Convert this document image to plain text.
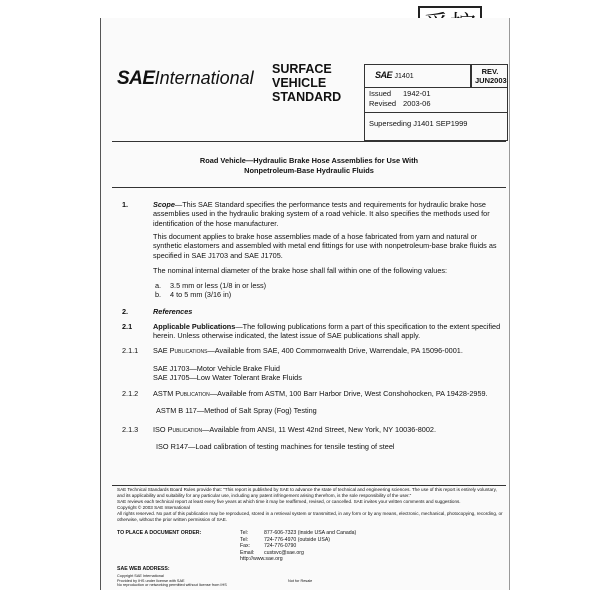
SAEInternational	SURFACE
VEHICLE
STANDARD
SAE J1401
REV.
JUN2003
Issued 1942-01
Revised 2003-06
Superseding J1401 SEP1999
Road Vehicle—Hydraulic Brake Hose Assemblies for Use With
Nonpetroleum-Base Hydraulic Fluids
1.	Scope—This SAE Standard specifies the performance tests and requirements for hydraulic brake hose assemblies used in the hydraulic braking system of a road vehicle. It also specifies the methods used for identification of the hose manufacturer.

This document applies to brake hose assemblies made of a hose fabricated from yarn and natural or synthetic elastomers and assembled with metal end fittings for use with nonpetroleum-base brake fluids as specified in SAE J1703 and SAE J1705.

The nominal internal diameter of the brake hose shall fall within one of the following values:

a. 3.5 mm or less (1/8 in or less)
b. 4 to 5 mm (3/16 in)
2.	References
2.1	Applicable Publications—The following publications form a part of this specification to the extent specified herein. Unless otherwise indicated, the latest issue of SAE publications shall apply.

2.1.1 SAE Publications—Available from SAE, 400 Commonwealth Drive, Warrendale, PA 15096-0001.

SAE J1703—Motor Vehicle Brake Fluid
SAE J1705—Low Water Tolerant Brake Fluids
2.1.2 ASTM Publication—Available from ASTM, 100 Barr Harbor Drive, West Conshohocken, PA 19428-2959.

ASTM B 117—Method of Salt Spray (Fog) Testing
2.1.3 ISO Publication—Available from ANSI, 11 West 42nd Street, New York, NY 10036-8002.

ISO R147—Load calibration of testing machines for tensile testing of steel

SAE Technical Standards Board Rules provide that: "This report is published by SAE to advance the state of technical and engineering sciences. The use of this report is entirely voluntary, and its applicability and suitability for any particular use, including any patent infringement arising therefrom, is the sole responsibility of the user."

SAE reviews each technical report at least every five years at which time it may be reaffirmed, revised, or cancelled. SAE invites your written comments and suggestions.

Copyright © 2003 SAE International

All rights reserved. No part of this publication may be reproduced, stored in a retrieval system or transmitted, in any form or by any means, electronic, mechanical, photocopying, recording, or otherwise, without the prior written permission of SAE.

TO PLACE A DOCUMENT ORDER:	Tel:	877-606-7323 (inside USA and Canada)
Tel:	724-776-4970 (outside USA)
Fax:	724-776-0790
Email: custsvc@sae.org
http://www.sae.org
SAE WEB ADDRESS:
Copyright SAE International
Provided by IHS under license with SAE
No reproduction or networking permitted without license from IHS
Not for Resale
